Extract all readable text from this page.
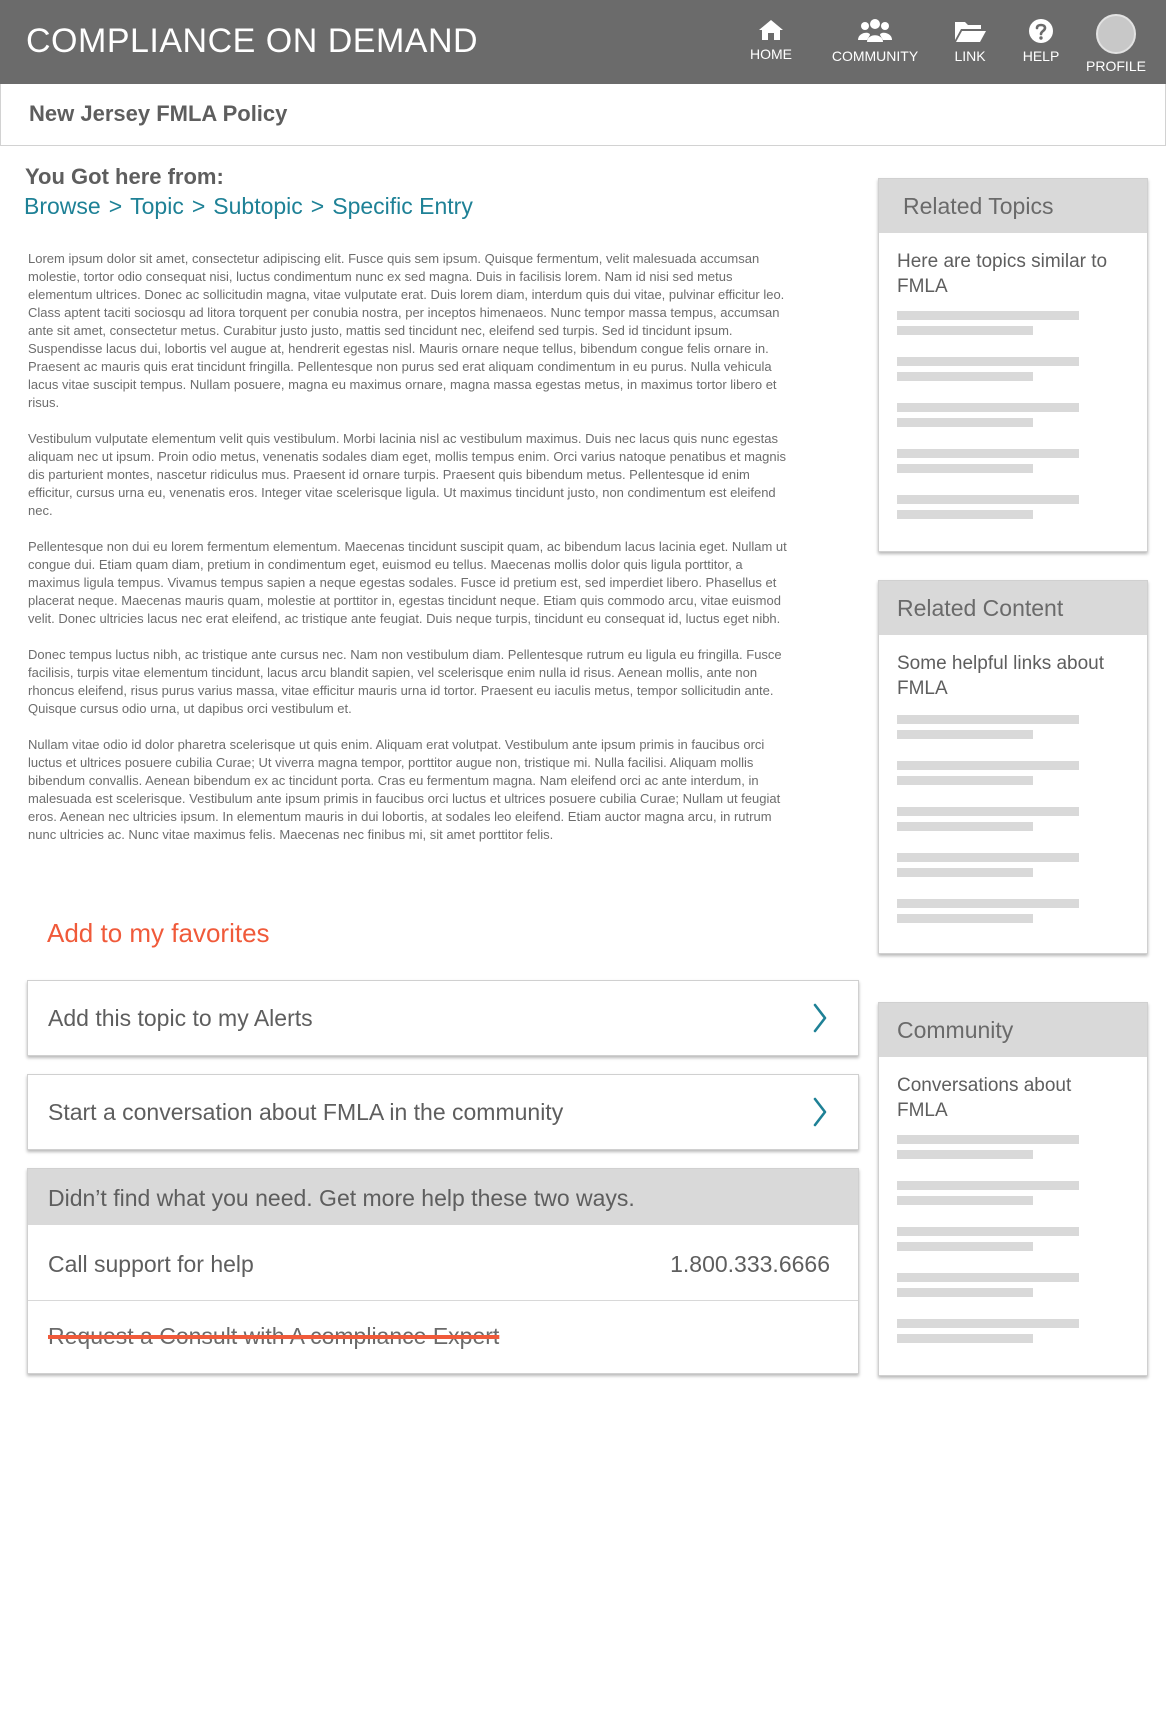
COMPLIANCE ON DEMAND	HOME	COMMUNITY	LINK	HELP
PROFILE
New Jersey FMLA Policy
You Got here from:
Browse > Topic > Subtopic > Specific Entry

Lorem ipsum dolor sit amet, consectetur adipiscing elit. Fusce quis sem ipsum. Quisque fermentum, velit malesuada accumsan molestie, tortor odio consequat nisi, luctus condimentum nunc ex sed magna. Duis in facilisis lorem. Nam id nisi sed metus elementum ultrices. Donec ac sollicitudin magna, vitae vulputate erat. Duis lorem diam, interdum quis dui vitae, pulvinar efficitur leo. Class aptent taciti sociosqu ad litora torquent per conubia nostra, per inceptos himenaeos. Nunc tempor massa tempus, accumsan ante sit amet, consectetur metus. Curabitur justo justo, mattis sed tincidunt nec, eleifend sed turpis. Sed id tincidunt ipsum. Suspendisse lacus dui, lobortis vel augue at, hendrerit egestas nisl. Mauris ornare neque tellus, bibendum congue felis ornare in. Praesent ac mauris quis erat tincidunt fringilla. Pellentesque non purus sed erat aliquam condimentum in eu purus. Nulla vehicula lacus vitae suscipit tempus. Nullam posuere, magna eu maximus ornare, magna massa egestas metus, in maximus tortor libero et risus.

Vestibulum vulputate elementum velit quis vestibulum. Morbi lacinia nisl ac vestibulum maximus. Duis nec lacus quis nunc egestas aliquam nec ut ipsum. Proin odio metus, venenatis sodales diam eget, mollis tempus enim. Orci varius natoque penatibus et magnis dis parturient montes, nascetur ridiculus mus. Praesent id ornare turpis. Praesent quis bibendum metus. Pellentesque id enim efficitur, cursus urna eu, venenatis eros. Integer vitae scelerisque ligula. Ut maximus tincidunt justo, non condimentum est eleifend nec.

Pellentesque non dui eu lorem fermentum elementum. Maecenas tincidunt suscipit quam, ac bibendum lacus lacinia eget. Nullam ut congue dui. Etiam quam diam, pretium in condimentum eget, euismod eu tellus. Maecenas mollis dolor quis ligula porttitor, a maximus ligula tempus. Vivamus tempus sapien a neque egestas sodales. Fusce id pretium est, sed imperdiet libero. Phasellus et placerat neque. Maecenas mauris quam, molestie at porttitor in, egestas tincidunt neque. Etiam quis commodo arcu, vitae euismod velit. Donec ultricies lacus nec erat eleifend, ac tristique ante feugiat. Duis neque turpis, tincidunt eu consequat id, luctus eget nibh.

Donec tempus luctus nibh, ac tristique ante cursus nec. Nam non vestibulum diam. Pellentesque rutrum eu ligula eu fringilla. Fusce facilisis, turpis vitae elementum tincidunt, lacus arcu blandit sapien, vel scelerisque enim nulla id risus. Aenean mollis, ante non rhoncus eleifend, risus purus varius massa, vitae efficitur mauris urna id tortor. Praesent eu iaculis metus, tempor sollicitudin ante. Quisque cursus odio urna, ut dapibus orci vestibulum et.

Nullam vitae odio id dolor pharetra scelerisque ut quis enim. Aliquam erat volutpat. Vestibulum ante ipsum primis in faucibus orci luctus et ultrices posuere cubilia Curae; Ut viverra magna tempor, porttitor augue non, tristique mi. Nulla facilisi. Aliquam mollis bibendum convallis. Aenean bibendum ex ac tincidunt porta. Cras eu fermentum magna. Nam eleifend orci ac ante interdum, in malesuada est scelerisque. Vestibulum ante ipsum primis in faucibus orci luctus et ultrices posuere cubilia Curae; Nullam ut feugiat eros. Aenean nec ultricies ipsum. In elementum mauris in dui lobortis, at sodales leo eleifend. Etiam auctor magna arcu, in rutrum nunc ultricies ac. Nunc vitae maximus felis. Maecenas nec finibus mi, sit amet porttitor felis.

Add to my favorites
Add this topic to my Alerts
Start a conversation about FMLA in the community
Didn’t find what you need. Get more help these two ways.
Call support for help	1.800.333.6666
Request a Consult with A compliance Expert
Related Topics
Here are topics similar to FMLA
Related Content
Some helpful links about FMLA
Community
Conversations about FMLA
